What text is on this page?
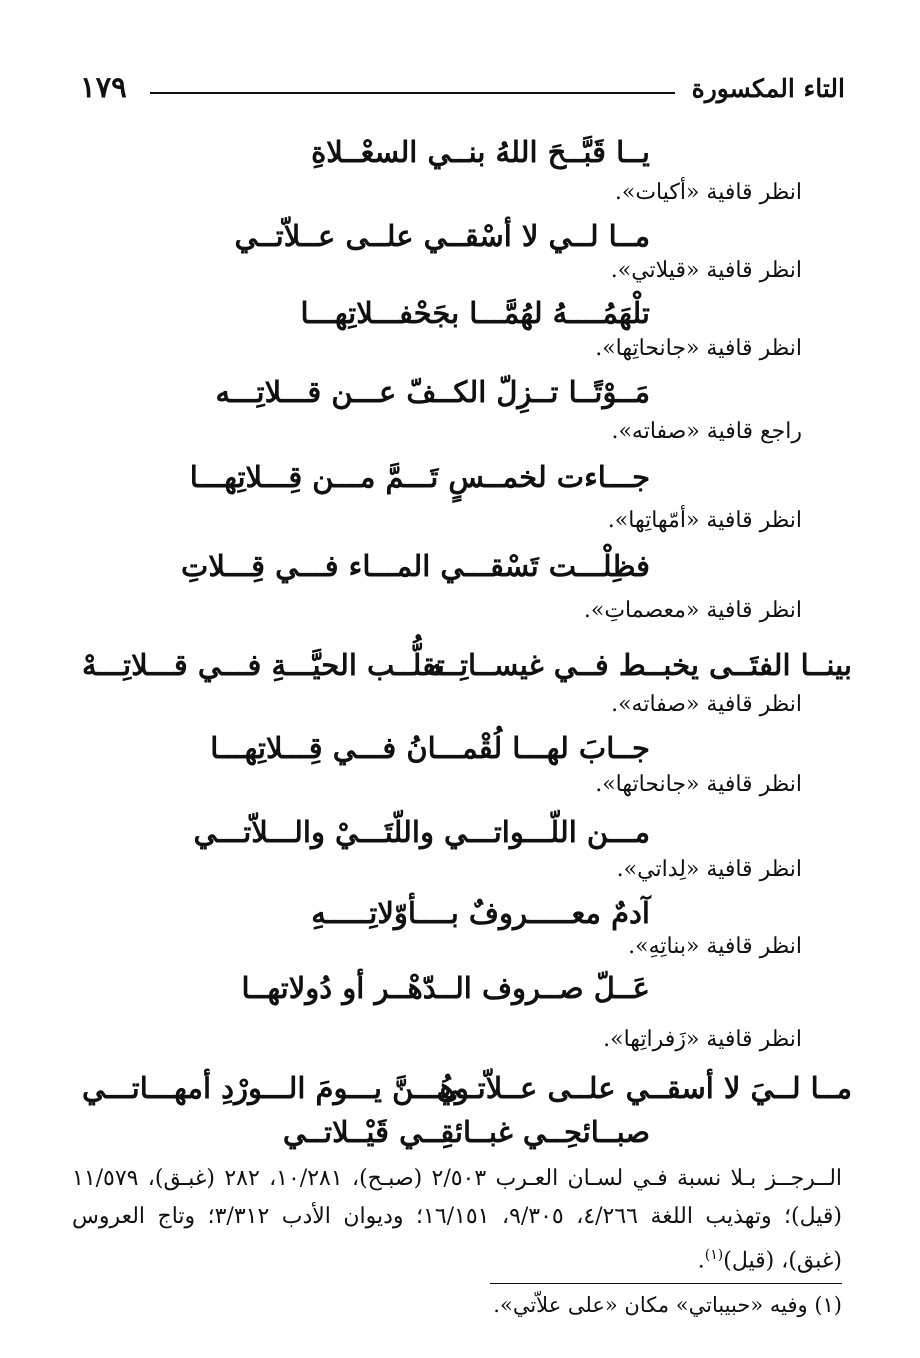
التاء المكسورة
١٧٩
يــا قَبَّــحَ اللهُ بنــي السعْــلاةِ
انظر قافية «أكيات».
مــا لــي لا أسْقــي علــى عــلاّتــي
انظر قافية «قيلاتي».
تلْهَمُــــهُ لهُمَّـــا بجَحْفـــلاتِهـــا
انظر قافية «جانحاتِها».
مَــوْتًــا تــزِلّ الكــفّ عـــن قـــلاتِـــه
راجع قافية «صفاته».
جـــاءت لخمــسٍ تَـــمَّ مـــن قِـــلاتِهـــا
انظر قافية «أمّهاتِها».
فظِلْـــت تَسْقـــي المـــاء فـــي قِـــلاتِ
انظر قافية «معصماتِ».
بينــا الفتَــى يخبــط فــي غيســاتِــه
تقلُّــب الحيَّـــةِ فـــي قـــلاتِـــهْ
انظر قافية «صفاته».
جــابَ لهـــا لُقْمـــانُ فـــي قِـــلاتِهـــا
انظر قافية «جانحاتها».
مـــن اللّـــواتـــي واللّتَـــيْ والـــلاّتـــي
انظر قافية «لِداتي».
آدمٌ معـــــروفٌ بــــأوّلاتِـــــهِ
انظر قافية «بناتِهِ».
عَــلّ صــروف الــدّهْــر أو دُولاتهــا
انظر قافية «زَفراتِها».
مــا لــيَ لا أسقــي علــى عــلاّتــي
وهُـــنَّ يـــومَ الـــورْدِ أمهـــاتـــي
صبــائحِــي غبــائقِــي قَيْــلاتــي
الــرجــز بـلا نسبة فـي لسـان العـرب ٢/٥٠٣ (صبـح)، ١٠/٢٨١، ٢٨٢ (غبـق)، ١١/٥٧٩ (قيل)؛ وتهذيب اللغة ٤/٢٦٦، ٩/٣٠٥، ١٦/١٥١؛ وديوان الأدب ٣/٣١٢؛ وتاج العروس (غبق)، (قيل)$^{(١)}$.
(١) وفيه «حبيباتي» مكان «على علاّتي».
